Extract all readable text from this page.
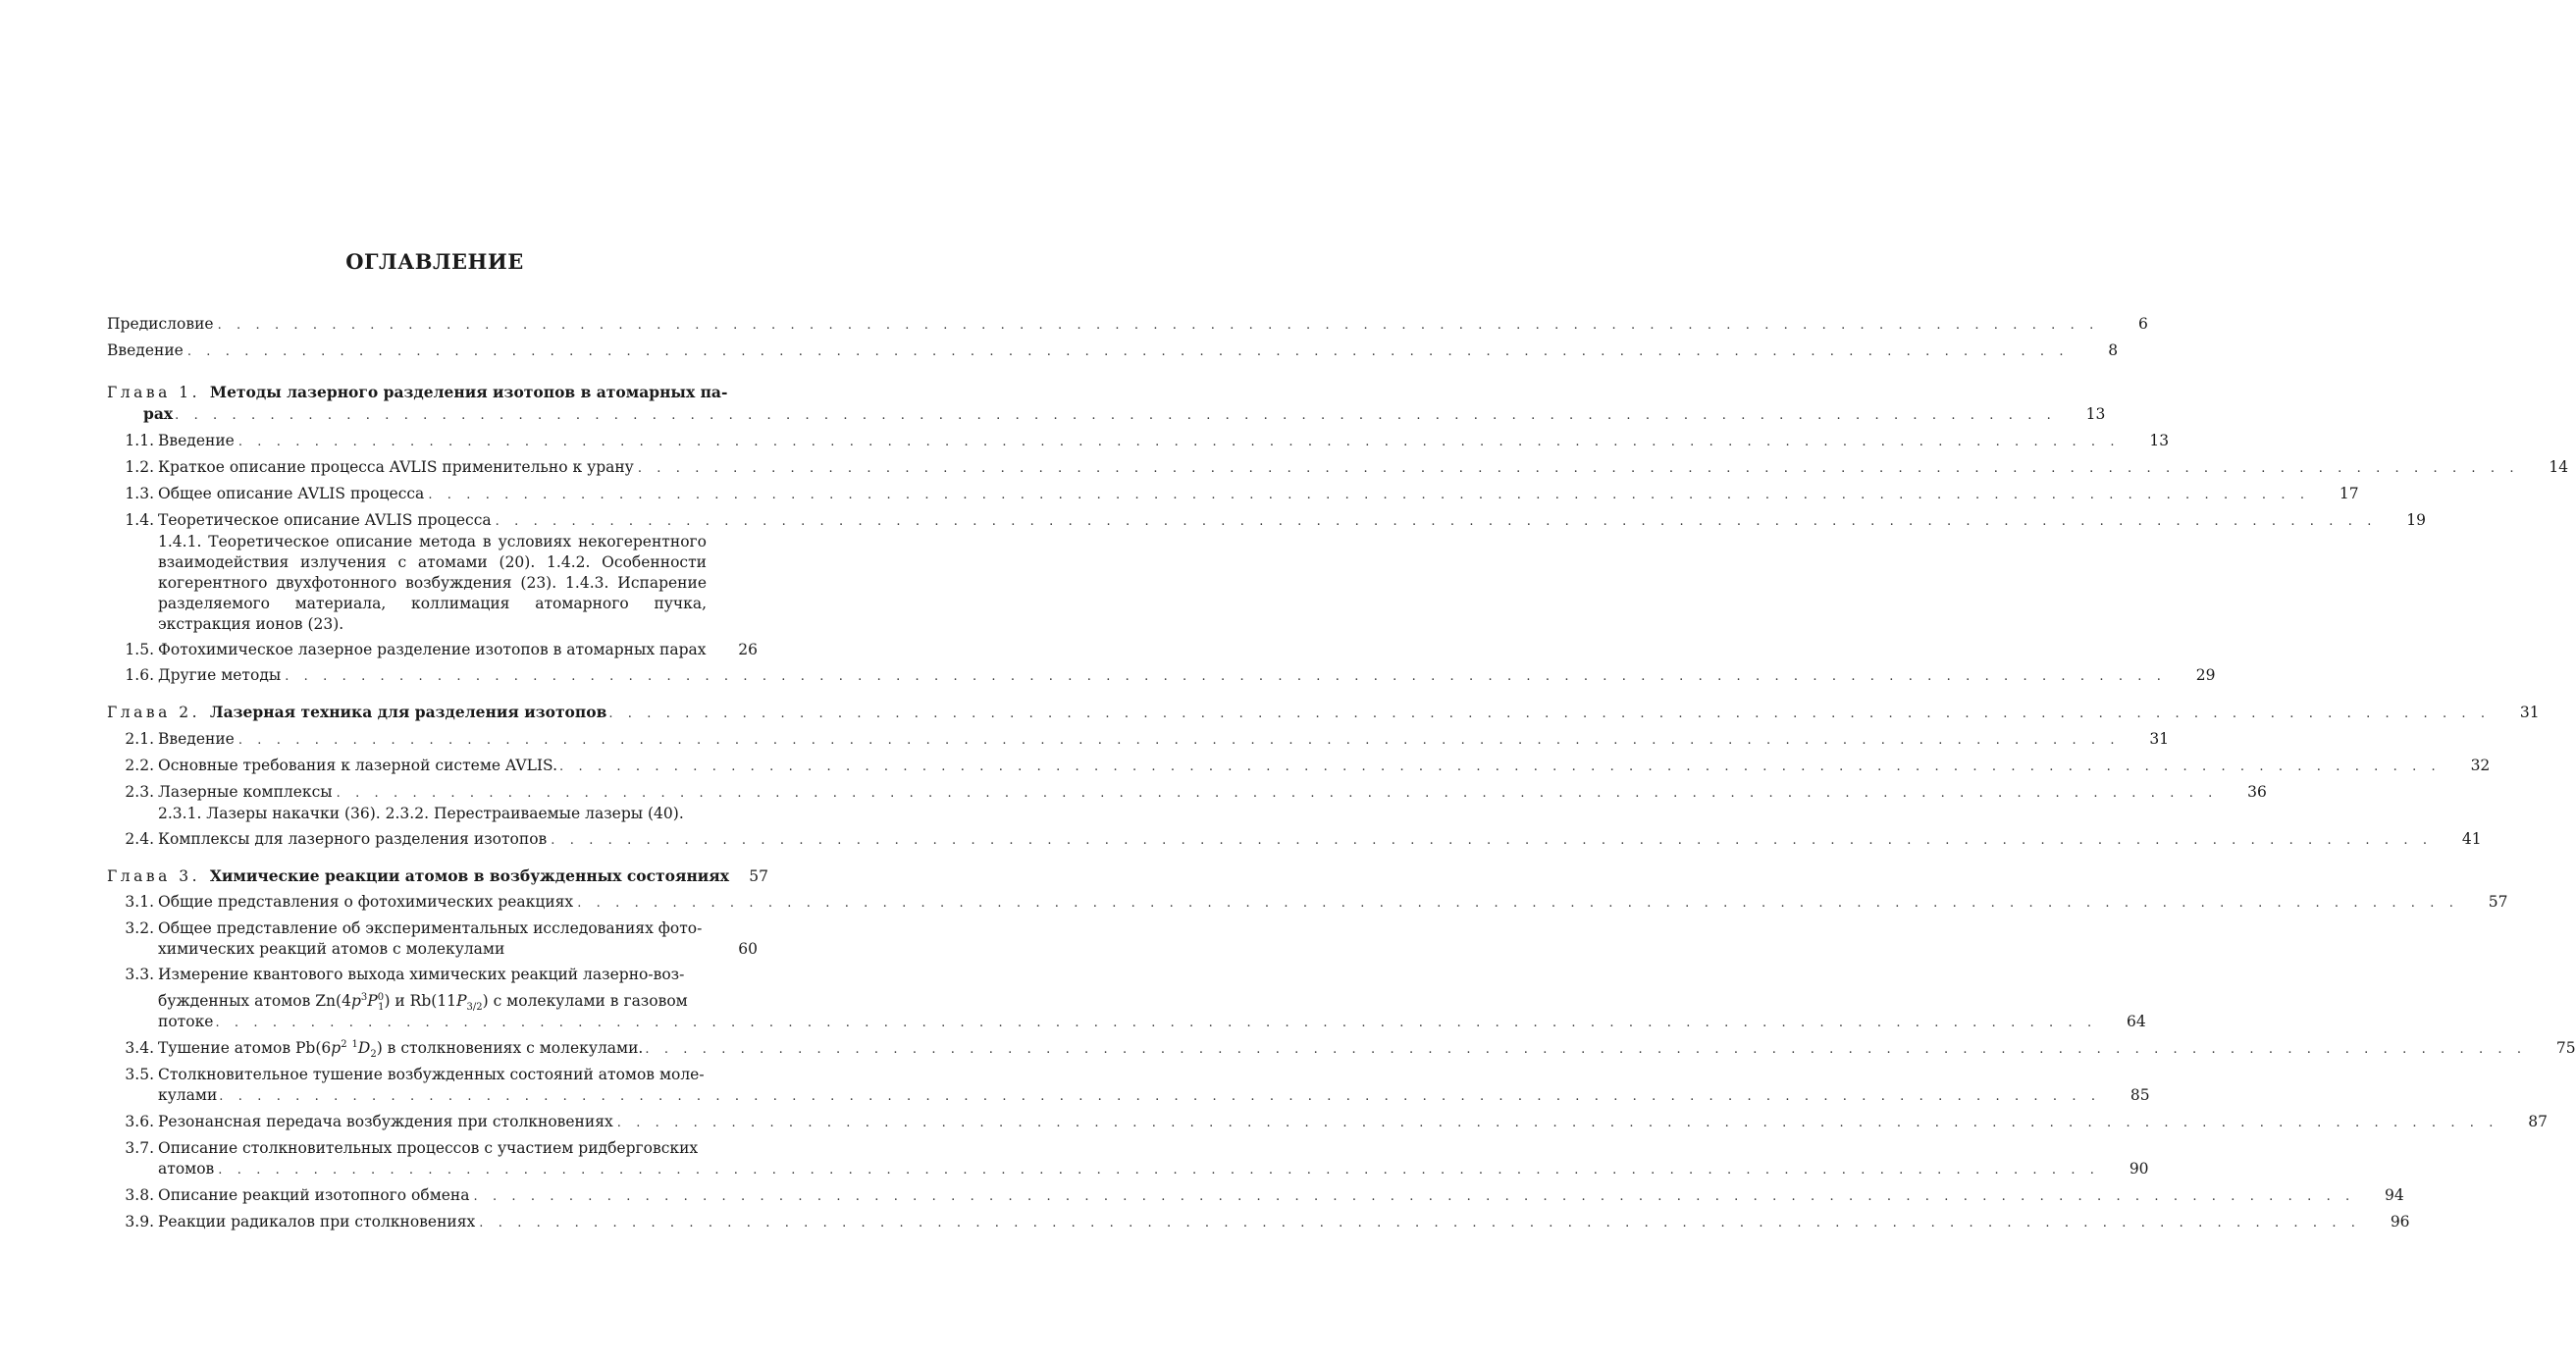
ОГЛАВЛЕНИЕ
Предисловие . . .	6
Введение . . .	8
Глава 1.
Методы лазерного разделения изотопов в атомарных па-
рах . . .	13
1.1. Введение . . .	13
1.2. Краткое описание процесса AVLIS применительно к урану . . .	14
1.3. Общее описание AVLIS процесса . . .	17
1.4. Теоретическое описание AVLIS процесса . . .	19
1.4.1. Теоретическое описание метода в условиях некогерентного взаимодействия излучения с атомами (20). 1.4.2. Особенности когерентного двухфотонного возбуждения (23). 1.4.3. Испарение разделяемого материала, коллимация атомарного пучка, экстракция ионов (23).
1.5. Фотохимическое лазерное разделение изотопов в атомарных парах	26
1.6. Другие методы . . .	29
Глава 2.
Лазерная техника для разделения изотопов . . .	31
2.1. Введение . . .	31
2.2. Основные требования к лазерной системе AVLIS. . . .	32
2.3. Лазерные комплексы . . .	36
2.3.1. Лазеры накачки (36). 2.3.2. Перестраиваемые лазеры (40).
2.4. Комплексы для лазерного разделения изотопов . . .	41
Глава 3.
Химические реакции атомов в возбужденных состояниях	57
3.1. Общие представления о фотохимических реакциях . . .	57
3.2. Общее представление об экспериментальных исследованиях фото-
химических реакций атомов с молекулами	60
3.3. Измерение квантового выхода химических реакций лазерно-воз-
бужденных атомов $Zn(4p^3P^0_1)$ и $Rb(11P_{3/2})$ с молекулами в газовом
потоке . . .	64
3.4. Тушение атомов $Pb(6p^2$ $^1D_2$) в столкновениях с молекулами. . . .	75
3.5. Столкновительное тушение возбужденных состояний атомов моле-
кулами . . .	85
3.6. Резонансная передача возбуждения при столкновениях . . .	87
3.7. Описание столкновительных процессов с участием ридберговских
атомов . . .	90
3.8. Описание реакций изотопного обмена . . .	94
3.9. Реакции радикалов при столкновениях . . .	96
